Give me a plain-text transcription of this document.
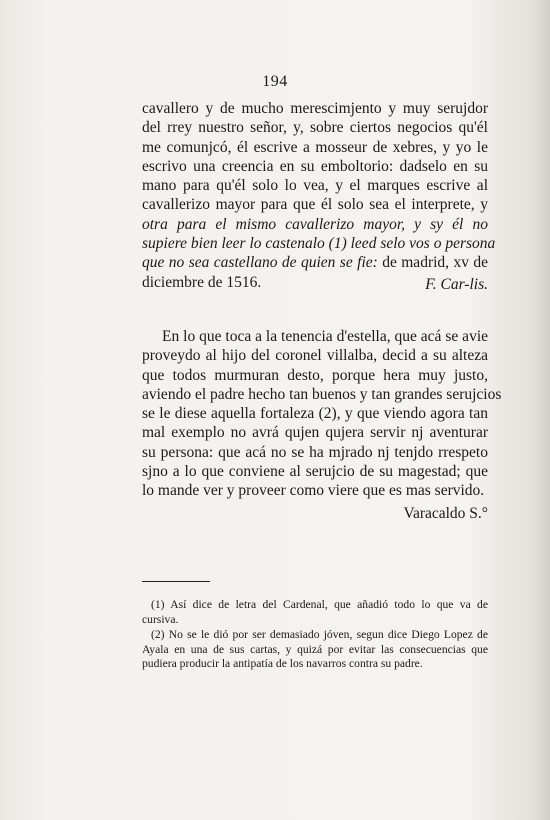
194
cavallero y de mucho merescimjento y muy serujdor
del rrey nuestro señor, y, sobre ciertos negocios qu'él
me comunjcó, él escrive a mosseur de xebres, y yo le
escrivo una creencia en su emboltorio: dadselo en su
mano para qu'él solo lo vea, y el marques escrive al
cavallerizo mayor para que él solo sea el interprete, y
otra para el mismo cavallerizo mayor, y sy él no
supiere bien leer lo castenalo (1) leed selo vos o persona
que no sea castellano de quien se fie: de madrid, xv de
diciembre de 1516.	F. Car-lis.
En lo que toca a la tenencia d'estella, que acá se avie
proveydo al hijo del coronel villalba, decid a su alteza
que todos murmuran desto, porque hera muy justo,
aviendo el padre hecho tan buenos y tan grandes serujcios
se le diese aquella fortaleza (2), y que viendo agora tan
mal exemplo no avrá qujen qujera servir nj aventurar
su persona: que acá no se ha mjrado nj tenjdo rrespeto
sjno a lo que conviene al serujcio de su magestad; que
lo mande ver y proveer como viere que es mas servido.
Varacaldo S.°
(1) Así dice de letra del Cardenal, que añadió todo lo que va de
cursiva.
(2) No se le dió por ser demasiado jóven, segun dice Diego Lopez de
Ayala en una de sus cartas, y quizá por evitar las consecuencias que
pudiera producir la antipatía de los navarros contra su padre.
